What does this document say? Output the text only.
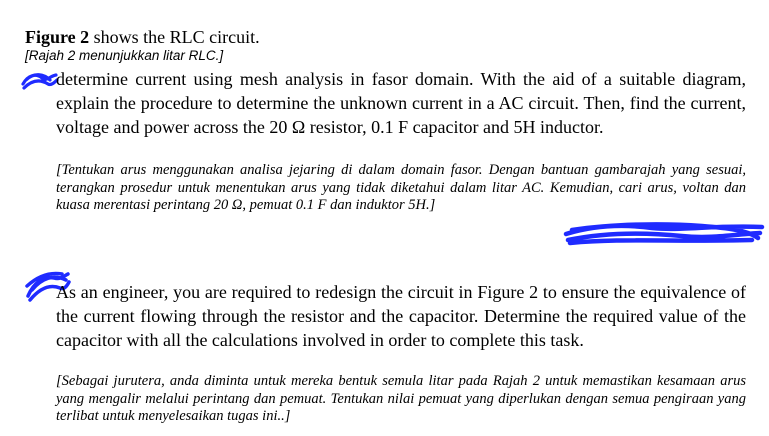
Figure 2 shows the RLC circuit.
[Rajah 2 menunjukkan litar RLC.]
determine current using mesh analysis in fasor domain. With the aid of a suitable diagram, explain the procedure to determine the unknown current in a AC circuit. Then, find the current, voltage and power across the 20 Ω resistor, 0.1 F capacitor and 5H inductor.
[Tentukan arus menggunakan analisa jejaring di dalam domain fasor. Dengan bantuan gambarajah yang sesuai, terangkan prosedur untuk menentukan arus yang tidak diketahui dalam litar AC. Kemudian, cari arus, voltan dan kuasa merentasi perintang 20 Ω, pemuat 0.1 F dan induktor 5H.]
As an engineer, you are required to redesign the circuit in Figure 2 to ensure the equivalence of the current flowing through the resistor and the capacitor. Determine the required value of the capacitor with all the calculations involved in order to complete this task.
[Sebagai jurutera, anda diminta untuk mereka bentuk semula litar pada Rajah 2 untuk memastikan kesamaan arus yang mengalir melalui perintang dan pemuat. Tentukan nilai pemuat yang diperlukan dengan semua pengiraan yang terlibat untuk menyelesaikan tugas ini..]
